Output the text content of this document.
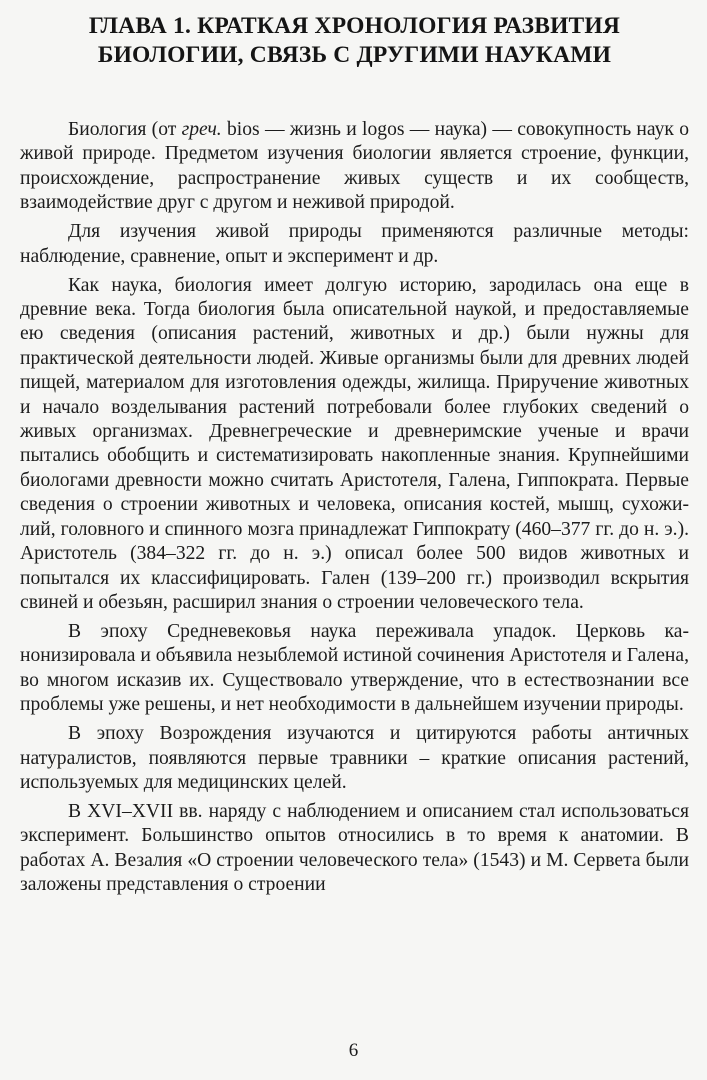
ГЛАВА 1. КРАТКАЯ ХРОНОЛОГИЯ РАЗВИТИЯ
БИОЛОГИИ, СВЯЗЬ С ДРУГИМИ НАУКАМИ

Биология (от греч. bios — жизнь и logos — наука) — совокупность наук о живой природе. Предметом изучения биологии является строение, функции, происхождение, распространение живых существ и их сообществ, взаимодействие друг с другом и неживой природой.

Для изучения живой природы применяются различные методы: наблюдение, сравнение, опыт и эксперимент и др.

Как наука, биология имеет долгую историю, зародилась она еще в древние века. Тогда биология была описательной наукой, и предоставляемые ею сведения (описания растений, животных и др.) были нужны для практической деятельности людей. Живые организмы были для древних людей пищей, материалом для изготовления одежды, жилища. Приручение животных и начало возделывания растений потребовали более глубоких сведений о живых организмах. Древнегреческие и древнеримские ученые и врачи пытались обобщить и систематизировать накопленные знания. Крупнейшими биологами древности можно считать Аристотеля, Галена, Гиппократа. Первые сведения о строении животных и человека, описания костей, мышц, сухожилий, головного и спинного мозга принадлежат Гиппократу (460–377 гг. до н. э.). Аристотель (384–322 гг. до н. э.) описал более 500 видов животных и попытался их классифицировать. Гален (139–200 гг.) производил вскрытия свиней и обезьян, расширил знания о строении человеческого тела.

В эпоху Средневековья наука переживала упадок. Церковь канонизировала и объявила незыблемой истиной сочинения Аристотеля и Галена, во многом исказив их. Существовало утверждение, что в естествознании все проблемы уже решены, и нет необходимости в дальнейшем изучении природы.

В эпоху Возрождения изучаются и цитируются работы античных натуралистов, появляются первые травники – краткие описания растений, используемых для медицинских целей.

В XVI–XVII вв. наряду с наблюдением и описанием стал использоваться эксперимент. Большинство опытов относились в то время к анатомии. В работах А. Везалия «О строении человеческого тела» (1543) и М. Сервета были заложены представления о строении

6
